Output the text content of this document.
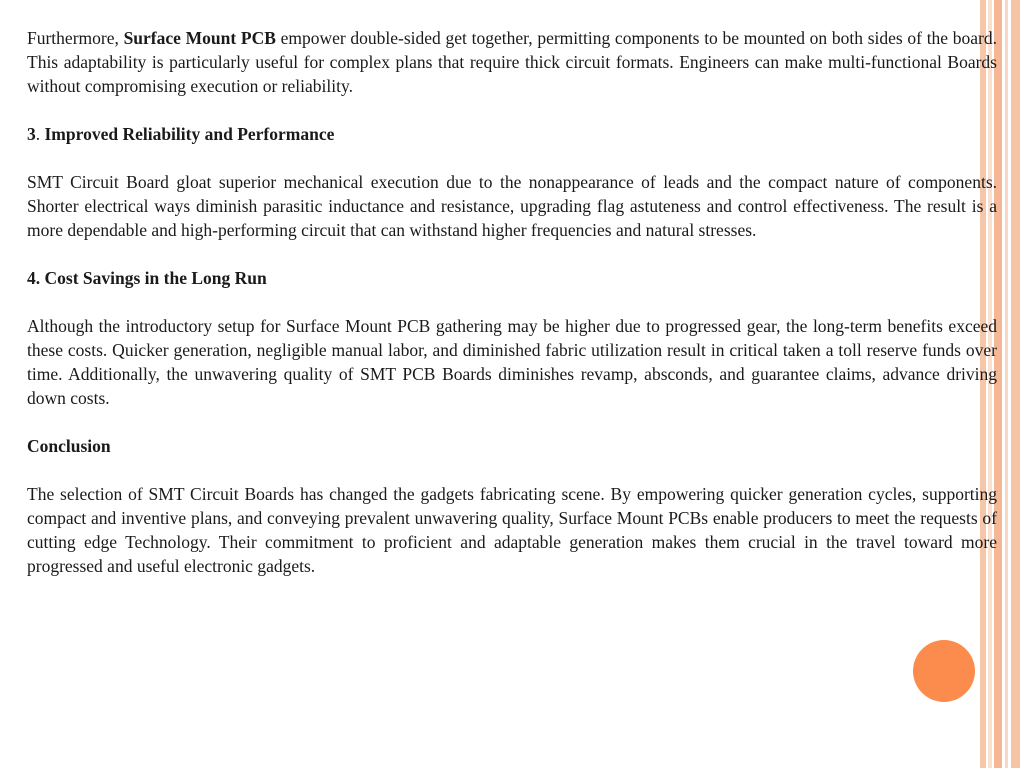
Furthermore, Surface Mount PCB empower double-sided get together, permitting components to be mounted on both sides of the board. This adaptability is particularly useful for complex plans that require thick circuit formats. Engineers can make multi-functional Boards without compromising execution or reliability.

3. Improved Reliability and Performance

SMT Circuit Board gloat superior mechanical execution due to the nonappearance of leads and the compact nature of components. Shorter electrical ways diminish parasitic inductance and resistance, upgrading flag astuteness and control effectiveness. The result is a more dependable and high-performing circuit that can withstand higher frequencies and natural stresses.

4. Cost Savings in the Long Run

Although the introductory setup for Surface Mount PCB gathering may be higher due to progressed gear, the long-term benefits exceed these costs. Quicker generation, negligible manual labor, and diminished fabric utilization result in critical taken a toll reserve funds over time. Additionally, the unwavering quality of SMT PCB Boards diminishes revamp, absconds, and guarantee claims, advance driving down costs.

Conclusion

The selection of SMT Circuit Boards has changed the gadgets fabricating scene. By empowering quicker generation cycles, supporting compact and inventive plans, and conveying prevalent unwavering quality, Surface Mount PCBs enable producers to meet the requests of cutting edge Technology. Their commitment to proficient and adaptable generation makes them crucial in the travel toward more progressed and useful electronic gadgets.
